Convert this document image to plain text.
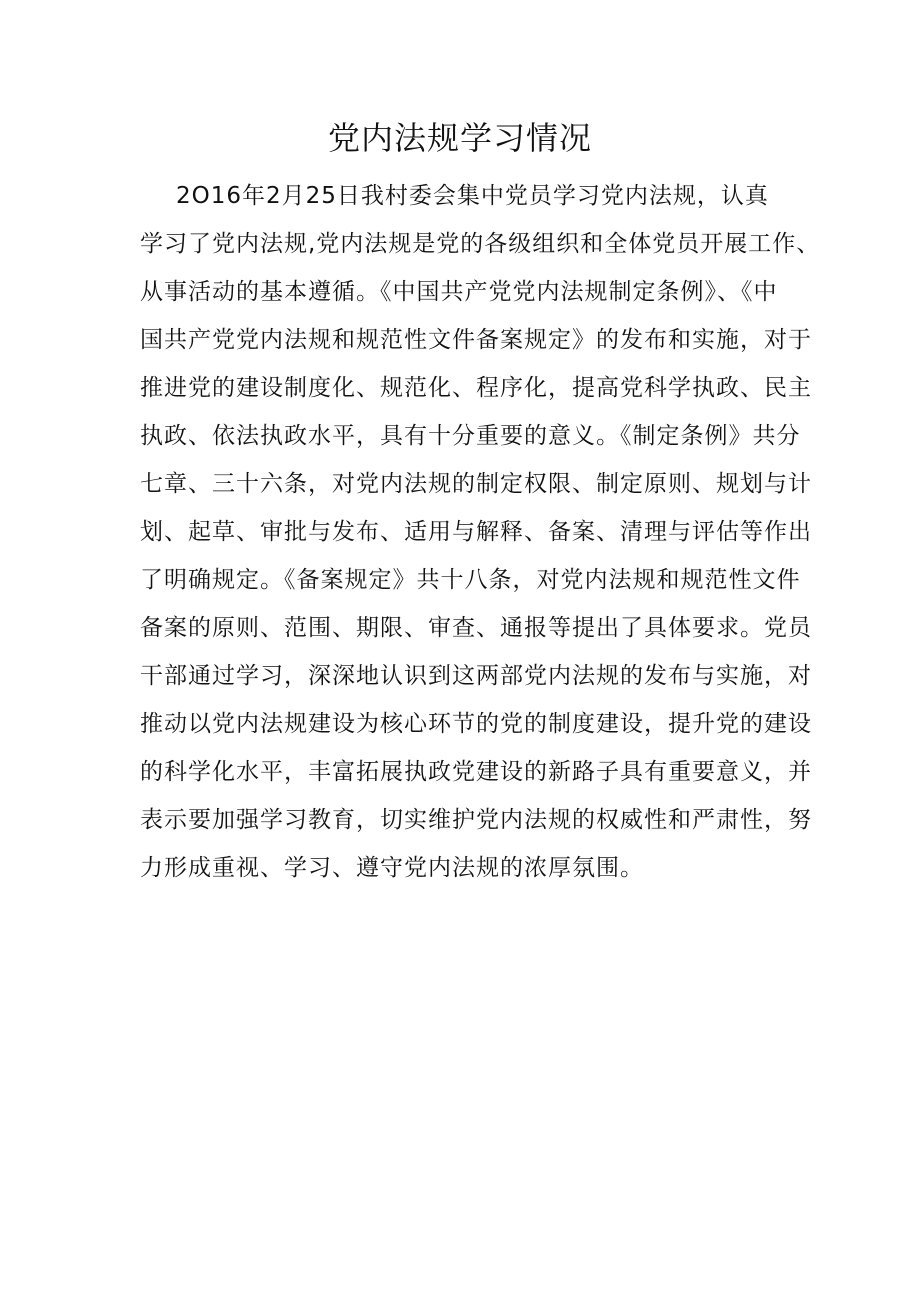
党内法规学习情况
2O16年2月25日我村委会集中党员学习党内法规，认真
学习了党内法规,党内法规是党的各级组织和全体党员开展工作、
从事活动的基本遵循。《中国共产党党内法规制定条例》、《中
国共产党党内法规和规范性文件备案规定》的发布和实施，对于
推进党的建设制度化、规范化、程序化，提高党科学执政、民主
执政、依法执政水平，具有十分重要的意义。《制定条例》共分
七章、三十六条，对党内法规的制定权限、制定原则、规划与计
划、起草、审批与发布、适用与解释、备案、清理与评估等作出
了明确规定。《备案规定》共十八条，对党内法规和规范性文件
备案的原则、范围、期限、审查、通报等提出了具体要求。党员
干部通过学习，深深地认识到这两部党内法规的发布与实施，对
推动以党内法规建设为核心环节的党的制度建设，提升党的建设
的科学化水平，丰富拓展执政党建设的新路子具有重要意义，并
表示要加强学习教育，切实维护党内法规的权威性和严肃性，努
力形成重视、学习、遵守党内法规的浓厚氛围。
